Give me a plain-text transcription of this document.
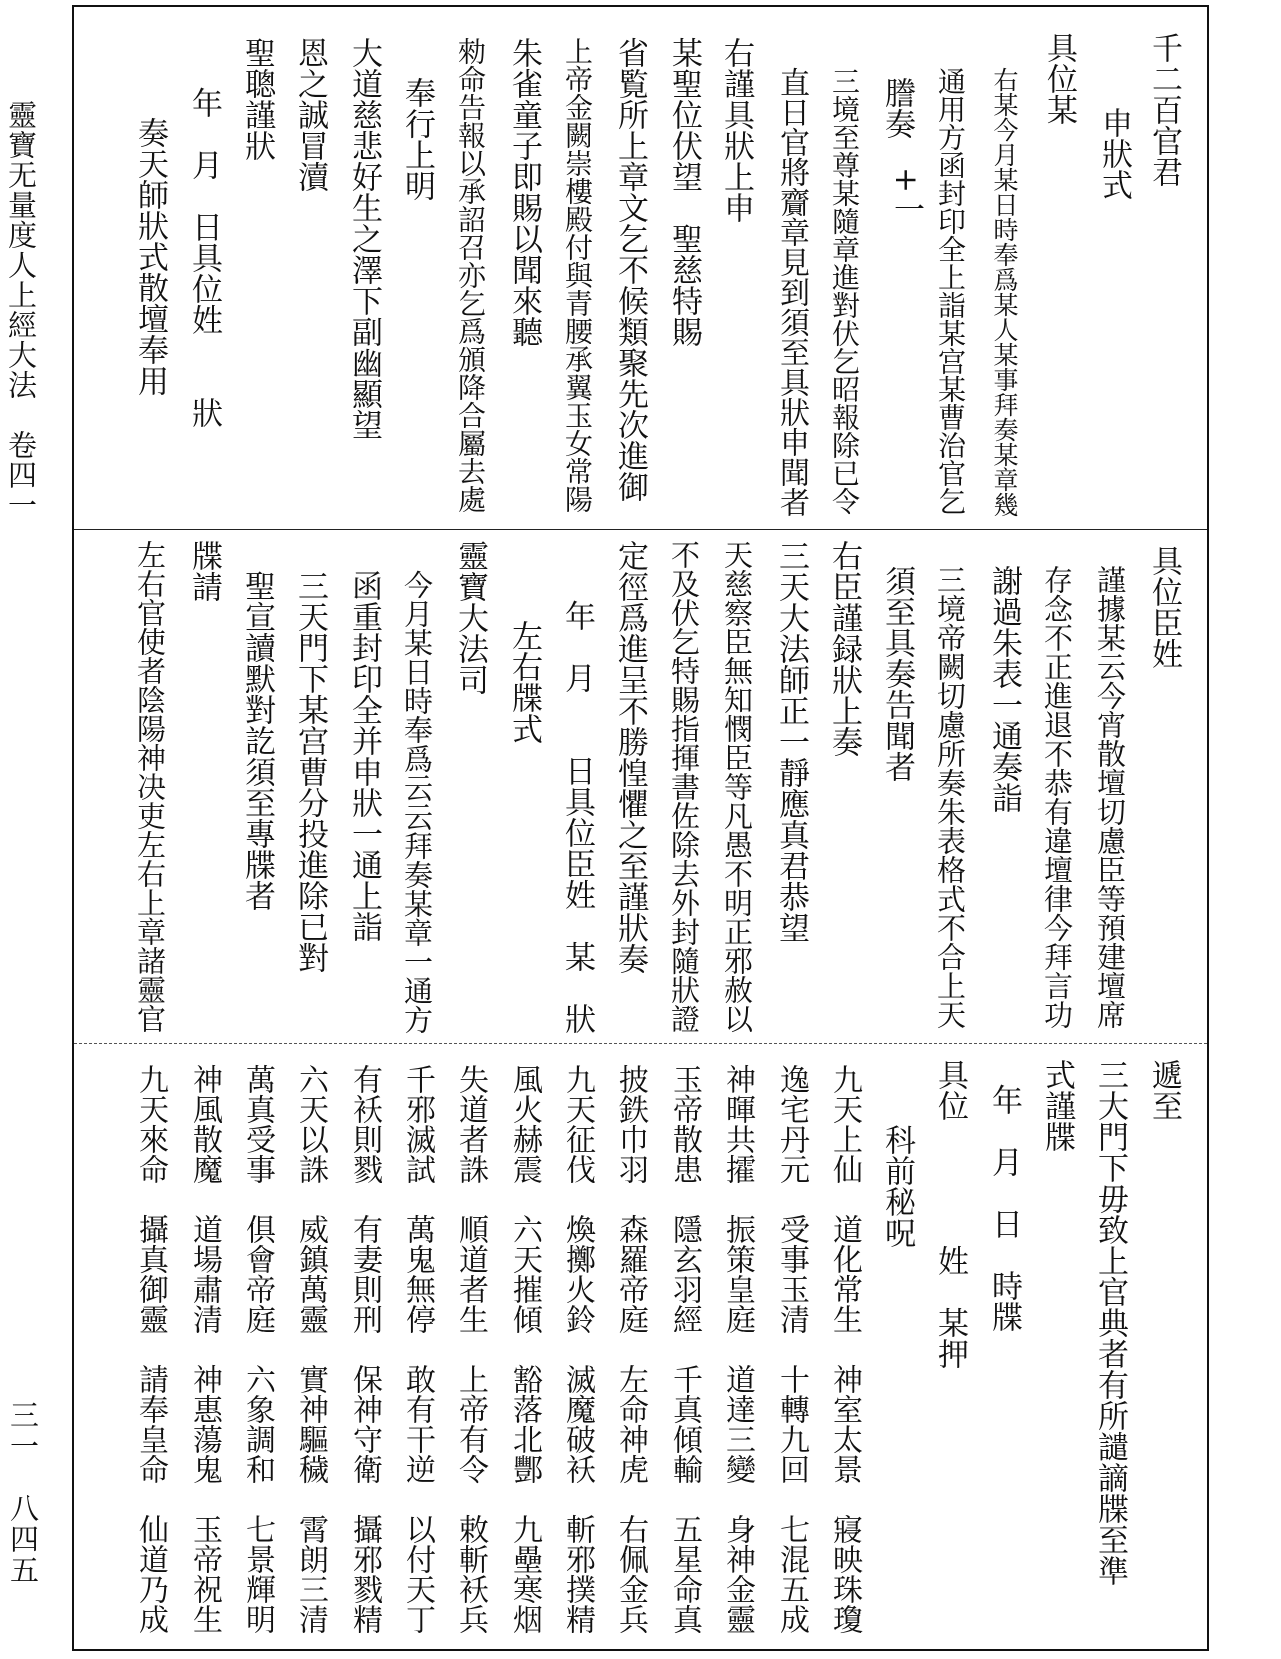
靈寶无量度人上經大法　卷四一
三一　八四五
千二百官君
申狀式
具位某
右某今月某日時奉爲某人某事拜奏某章幾
通用方函封印全上詣某宫某曹治官乞
+一
謄奏
三境至尊某隨章進對伏乞昭報除已令
直日官將齎章見到須至具狀申聞者
右謹具狀上申
某聖位伏望　聖慈特賜
省覧所上章文乞不候類聚先次進御
上帝金闕崇樓殿付與青腰承翼玉女常陽
朱雀童子即賜以聞來聽
勑命告報以承詔召亦乞爲頒降合屬去處
奉行上明
大道慈悲好生之澤下副幽顯望
恩之誠冒瀆
聖聰謹狀
年　月　日具位姓　　狀
奏天師狀式散壇奉用
具位臣姓
謹據某云今宵散壇切慮臣等預建壇席
存念不正進退不恭有違壇律今拜言功
謝過朱表一通奏詣
三境帝闕切慮所奏朱表格式不合上天
須至具奏告聞者
右臣謹録狀上奏
三天大法師正一靜應真君恭望
天慈察臣無知憫臣等凡愚不明正邪赦以
不及伏乞特賜指揮書佐除去外封隨狀證
定徑爲進呈不勝惶懼之至謹狀奏
年　月　　日具位臣姓　某　狀
左右牒式
靈寶大法司
今月某日時奉爲云云拜奏某章一通方
函重封印全并申狀一通上詣
三天門下某宫曹分投進除已對
聖宣讀默對訖須至專牒者
牒請
左右官使者陰陽神决吏左右上章諸靈官
遞至
三大門下毋致上官典者有所譴謫牒至準
式謹牒
年　月　日　時牒
具位　　　　姓　某押
科前秘呪
九天上仙　道化常生　神室太景　寢映珠瓊
逸宅丹元　受事玉清　十轉九回　七混五成
神暉共攉　振策皇庭　道達三變　身神金靈
玉帝散患　隱玄羽經　千真傾輸　五星命真
披鉄巾羽　森羅帝庭　左命神虎　右佩金兵
九天征伐　煥擲火鈴　滅魔破袄　斬邪撲精
風火赫震　六天摧傾　豁落北酆　九壘寒烟
失道者誅　順道者生　上帝有令　敕斬袄兵
千邪滅試　萬鬼無停　敢有干逆　以付天丁
有袄則戮　有妻則刑　保神守衛　攝邪戮精
六天以誅　威鎮萬靈　實神驅穢　霄朗三清
萬真受事　俱會帝庭　六象調和　七景輝明
神風散魔　道場肅清　神惠蕩鬼　玉帝祝生
九天來命　攝真御靈　請奉皇命　仙道乃成
